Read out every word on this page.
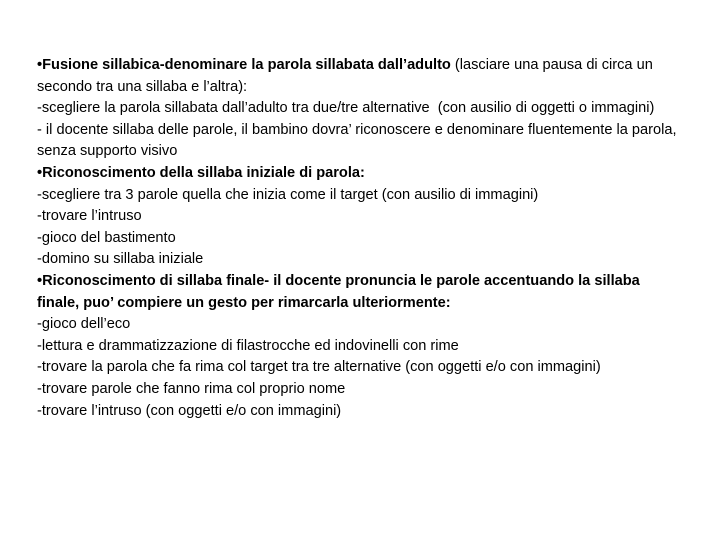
•Fusione sillabica-denominare la parola sillabata dall’adulto (lasciare una pausa di circa un secondo tra una sillaba e l’altra):
-scegliere la parola sillabata dall’adulto tra due/tre alternative  (con ausilio di oggetti o immagini)
- il docente sillaba delle parole, il bambino dovra’ riconoscere e denominare fluentemente la parola, senza supporto visivo
•Riconoscimento della sillaba iniziale di parola:
-scegliere tra 3 parole quella che inizia come il target (con ausilio di immagini)
-trovare l’intruso
-gioco del bastimento
-domino su sillaba iniziale
•Riconoscimento di sillaba finale- il docente pronuncia le parole accentuando la sillaba finale, puo’ compiere un gesto per rimarcarla ulteriormente:
-gioco dell’eco
-lettura e drammatizzazione di filastrocche ed indovinelli con rime
-trovare la parola che fa rima col target tra tre alternative (con oggetti e/o con immagini)
-trovare parole che fanno rima col proprio nome
-trovare l’intruso (con oggetti e/o con immagini)
